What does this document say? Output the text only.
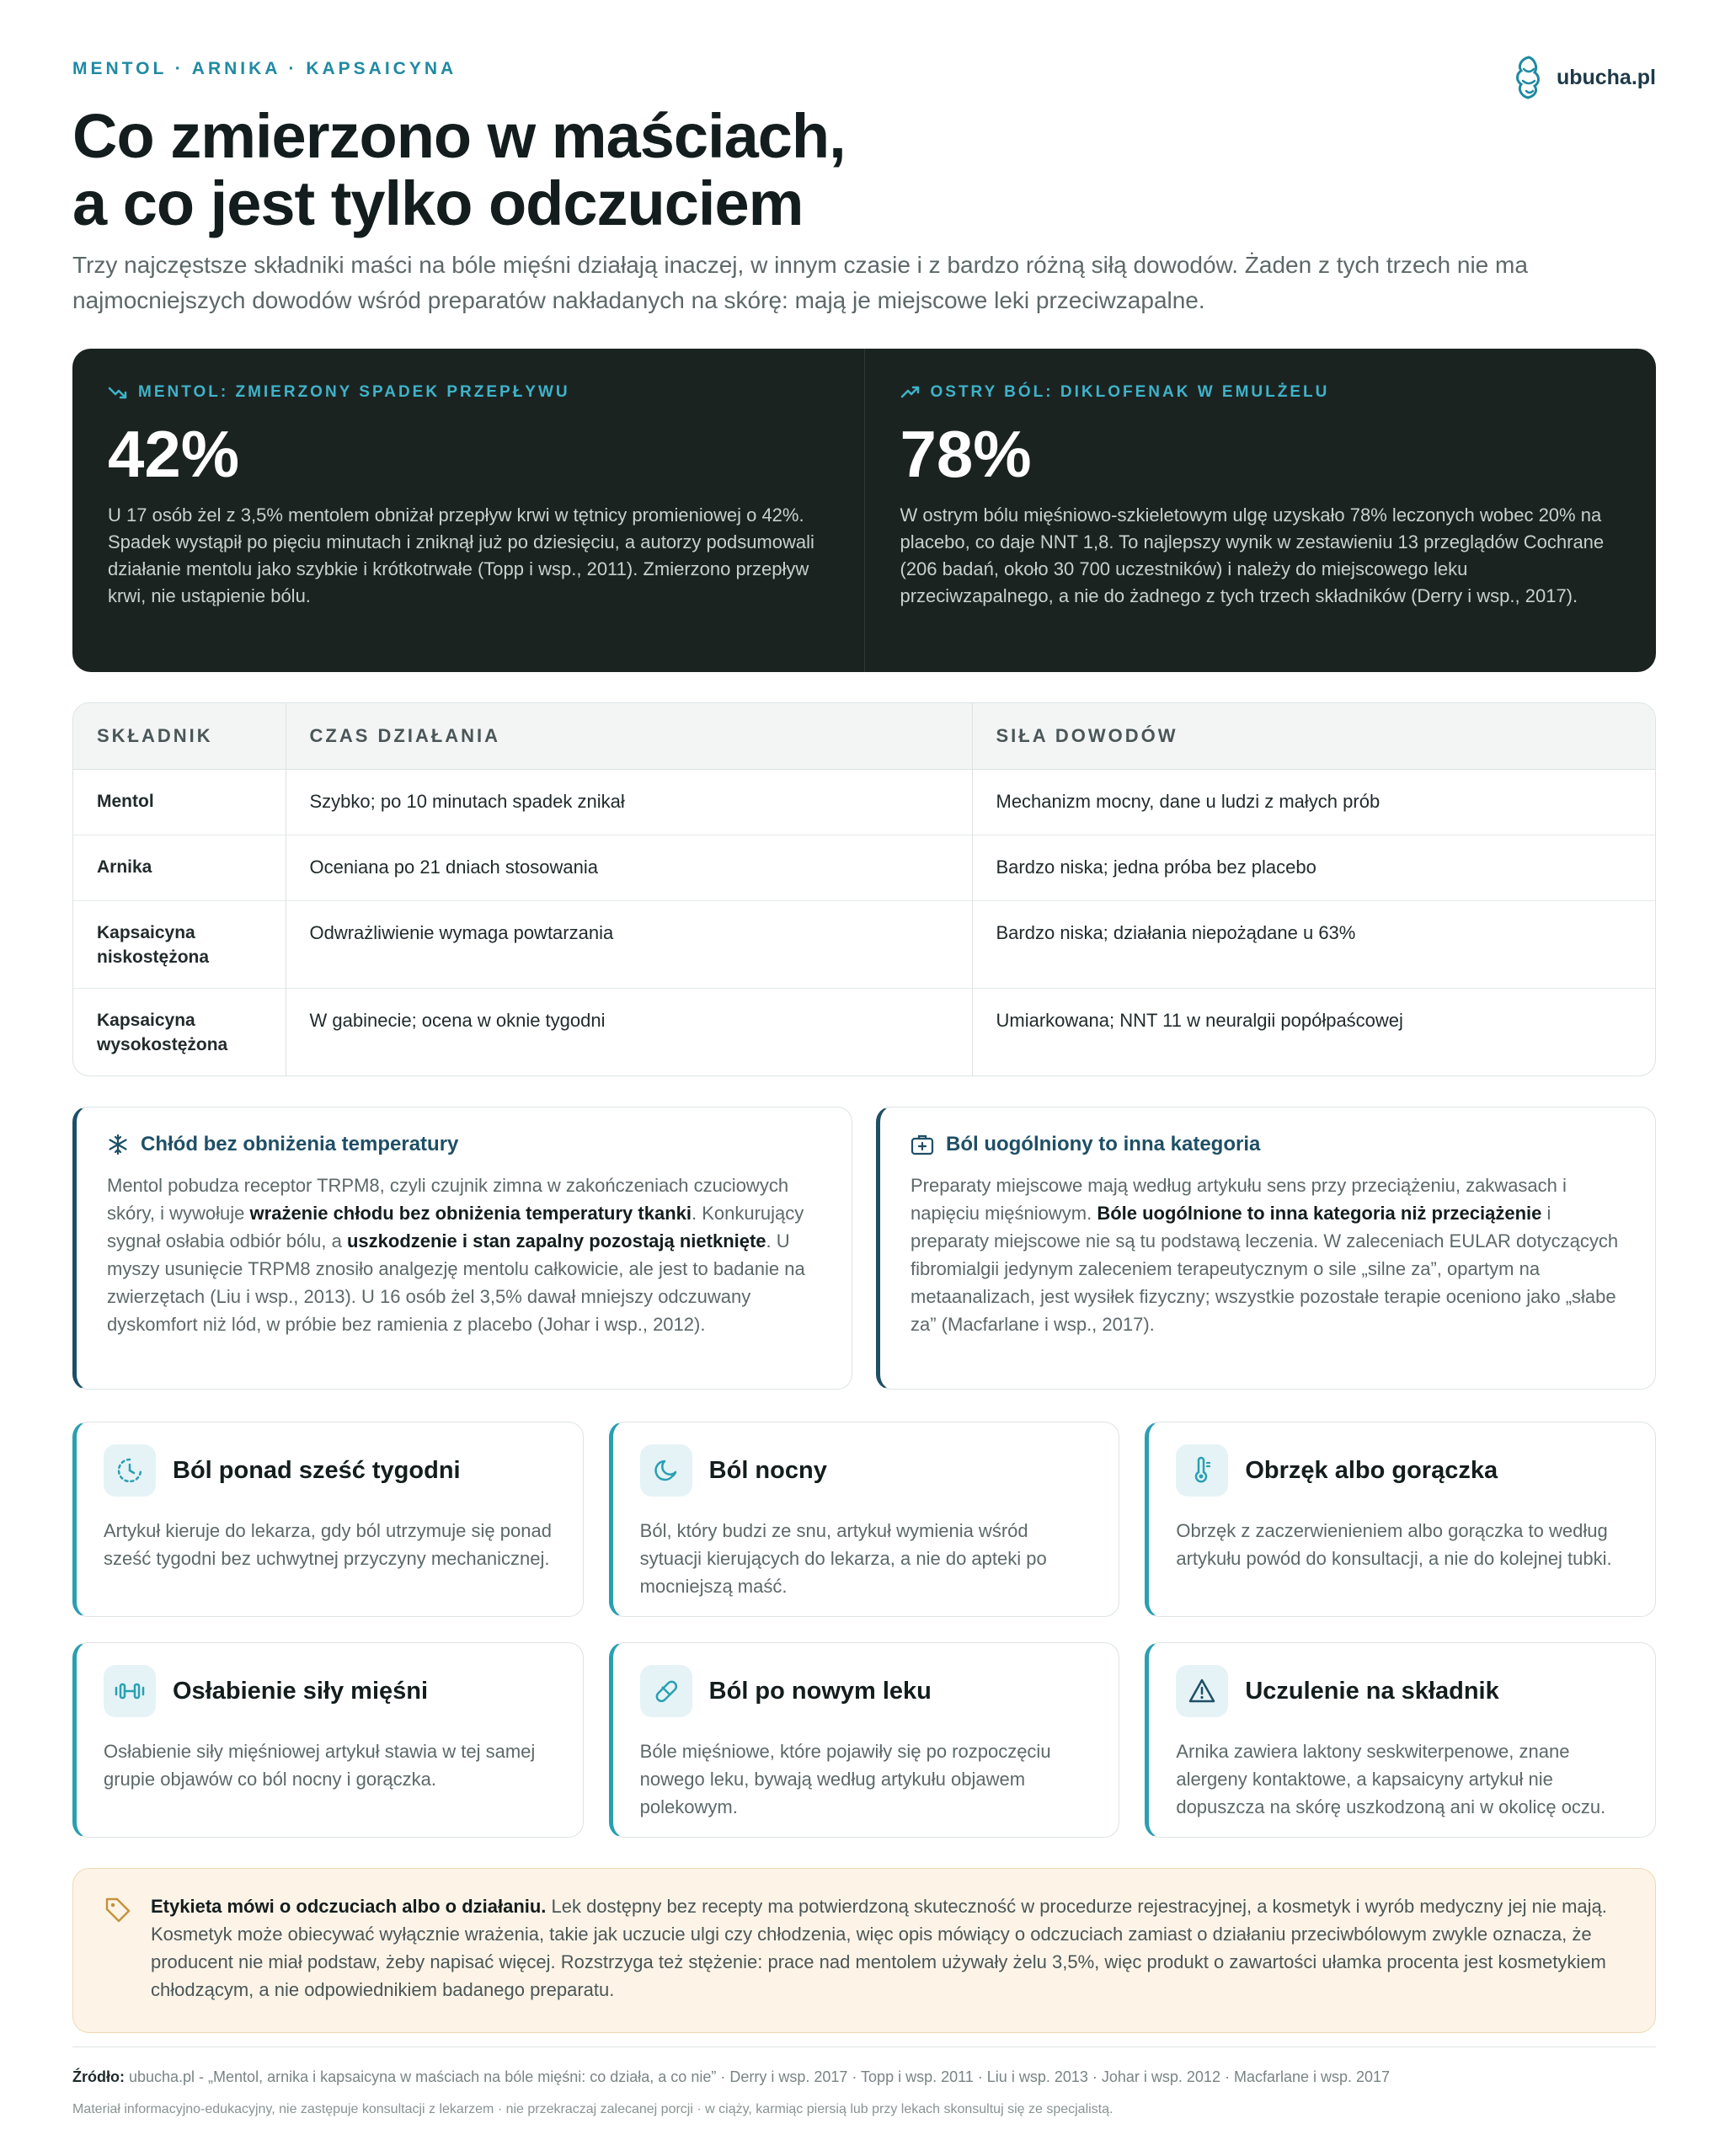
MENTOL · ARNIKA · KAPSAICYNA
Co zmierzono w maściach,
a co jest tylko odczuciem
Trzy najczęstsze składniki maści na bóle mięśni działają inaczej, w innym czasie i z bardzo różną siłą dowodów. Żaden z tych trzech nie ma najmocniejszych dowodów wśród preparatów nakładanych na skórę: mają je miejscowe leki przeciwzapalne.
ubucha.pl
MENTOL: ZMIERZONY SPADEK PRZEPŁYWU
42%
U 17 osób żel z 3,5% mentolem obniżał przepływ krwi w tętnicy promieniowej o 42%. Spadek wystąpił po pięciu minutach i zniknął już po dziesięciu, a autorzy podsumowali działanie mentolu jako szybkie i krótkotrwałe (Topp i wsp., 2011). Zmierzono przepływ krwi, nie ustąpienie bólu.
OSTRY BÓL: DIKLOFENAK W EMULŻELU
78%
W ostrym bólu mięśniowo-szkieletowym ulgę uzyskało 78% leczonych wobec 20% na placebo, co daje NNT 1,8. To najlepszy wynik w zestawieniu 13 przeglądów Cochrane (206 badań, około 30 700 uczestników) i należy do miejscowego leku przeciwzapalnego, a nie do żadnego z tych trzech składników (Derry i wsp., 2017).
SKŁADNIK	CZAS DZIAŁANIA	SIŁA DOWODÓW
Mentol	Szybko; po 10 minutach spadek znikał	Mechanizm mocny, dane u ludzi z małych prób
Arnika	Oceniana po 21 dniach stosowania	Bardzo niska; jedna próba bez placebo
Kapsaicyna niskostężona	Odwrażliwienie wymaga powtarzania	Bardzo niska; działania niepożądane u 63%
Kapsaicyna wysokostężona	W gabinecie; ocena w oknie tygodni	Umiarkowana; NNT 11 w neuralgii popółpaścowej
Chłód bez obniżenia temperatury
Mentol pobudza receptor TRPM8, czyli czujnik zimna w zakończeniach czuciowych skóry, i wywołuje wrażenie chłodu bez obniżenia temperatury tkanki. Konkurujący sygnał osłabia odbiór bólu, a uszkodzenie i stan zapalny pozostają nietknięte. U myszy usunięcie TRPM8 znosiło analgezję mentolu całkowicie, ale jest to badanie na zwierzętach (Liu i wsp., 2013). U 16 osób żel 3,5% dawał mniejszy odczuwany dyskomfort niż lód, w próbie bez ramienia z placebo (Johar i wsp., 2012).
Ból uogólniony to inna kategoria
Preparaty miejscowe mają według artykułu sens przy przeciążeniu, zakwasach i napięciu mięśniowym. Bóle uogólnione to inna kategoria niż przeciążenie i preparaty miejscowe nie są tu podstawą leczenia. W zaleceniach EULAR dotyczących fibromialgii jedynym zaleceniem terapeutycznym o sile „silne za”, opartym na metaanalizach, jest wysiłek fizyczny; wszystkie pozostałe terapie oceniono jako „słabe za” (Macfarlane i wsp., 2017).
Ból ponad sześć tygodni
Artykuł kieruje do lekarza, gdy ból utrzymuje się ponad sześć tygodni bez uchwytnej przyczyny mechanicznej.
Ból nocny
Ból, który budzi ze snu, artykuł wymienia wśród sytuacji kierujących do lekarza, a nie do apteki po mocniejszą maść.
Obrzęk albo gorączka
Obrzęk z zaczerwienieniem albo gorączka to według artykułu powód do konsultacji, a nie do kolejnej tubki.
Osłabienie siły mięśni
Osłabienie siły mięśniowej artykuł stawia w tej samej grupie objawów co ból nocny i gorączka.
Ból po nowym leku
Bóle mięśniowe, które pojawiły się po rozpoczęciu nowego leku, bywają według artykułu objawem polekowym.
Uczulenie na składnik
Arnika zawiera laktony seskwiterpenowe, znane alergeny kontaktowe, a kapsaicyny artykuł nie dopuszcza na skórę uszkodzoną ani w okolicę oczu.
Etykieta mówi o odczuciach albo o działaniu. Lek dostępny bez recepty ma potwierdzoną skuteczność w procedurze rejestracyjnej, a kosmetyk i wyrób medyczny jej nie mają. Kosmetyk może obiecywać wyłącznie wrażenia, takie jak uczucie ulgi czy chłodzenia, więc opis mówiący o odczuciach zamiast o działaniu przeciwbólowym zwykle oznacza, że producent nie miał podstaw, żeby napisać więcej. Rozstrzyga też stężenie: prace nad mentolem używały żelu 3,5%, więc produkt o zawartości ułamka procenta jest kosmetykiem chłodzącym, a nie odpowiednikiem badanego preparatu.
Źródło: ubucha.pl - „Mentol, arnika i kapsaicyna w maściach na bóle mięśni: co działa, a co nie” · Derry i wsp. 2017 · Topp i wsp. 2011 · Liu i wsp. 2013 · Johar i wsp. 2012 · Macfarlane i wsp. 2017
Materiał informacyjno-edukacyjny, nie zastępuje konsultacji z lekarzem · nie przekraczaj zalecanej porcji · w ciąży, karmiąc piersią lub przy lekach skonsultuj się ze specjalistą.
